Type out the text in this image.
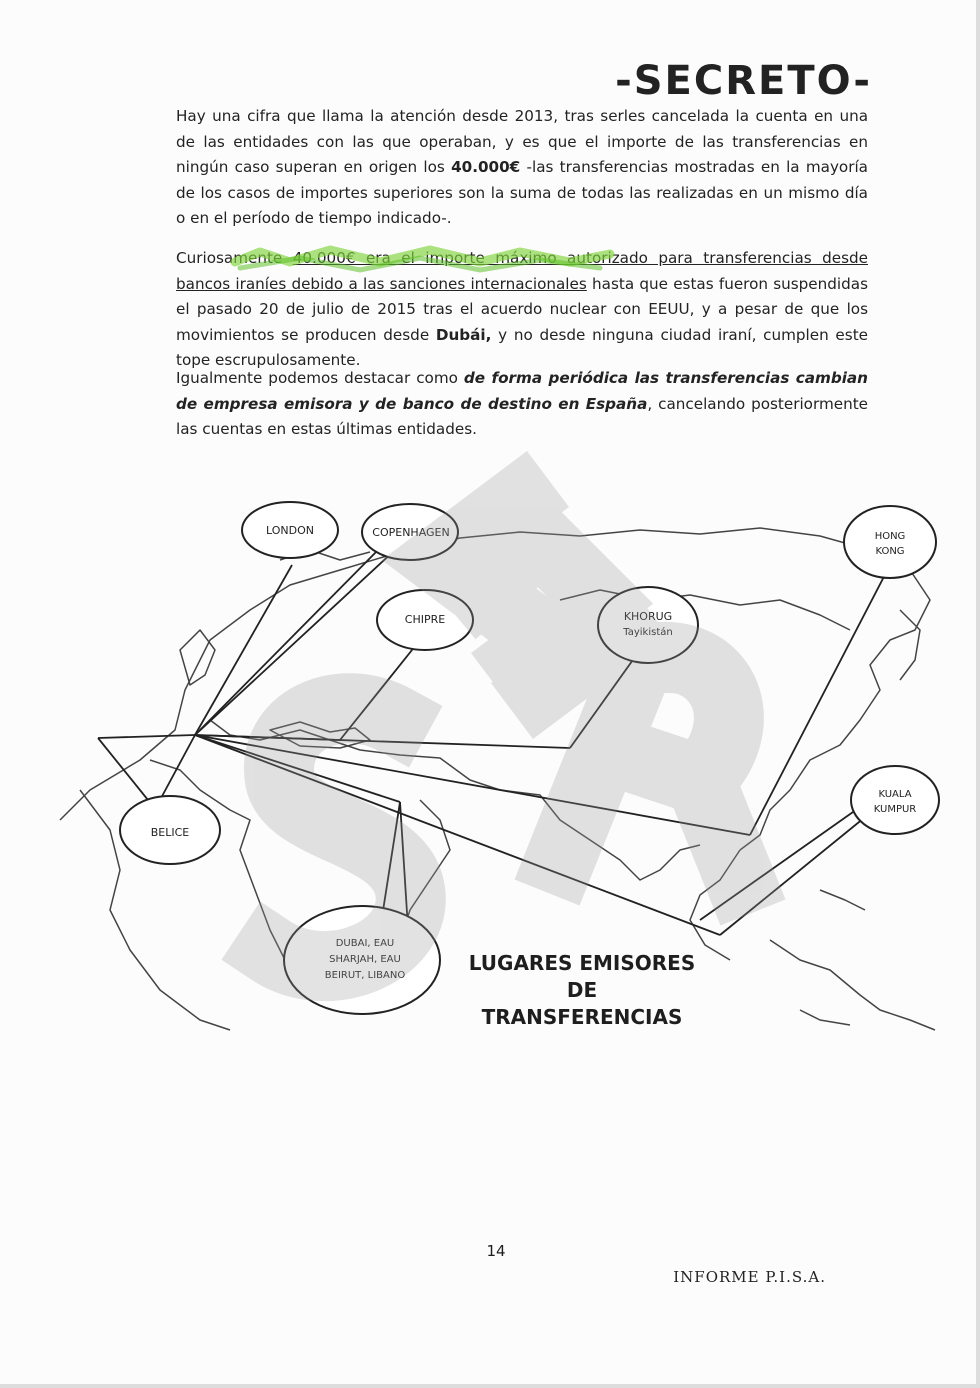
-SECRETO-
Hay una cifra que llama la atención desde 2013, tras serles cancelada la cuenta en una de las entidades con las que operaban, y es que el importe de las transferencias en ningún caso superan en origen los 40.000€ -las transferencias mostradas en la mayoría de los casos de importes superiores son la suma de todas las realizadas en un mismo día o en el período de tiempo indicado-.
Curiosamente 40.000€ era el importe máximo autorizado para transferencias desde bancos iraníes debido a las sanciones internacionales hasta que estas fueron suspendidas el pasado 20 de julio de 2015 tras el acuerdo nuclear con EEUU, y a pesar de que los movimientos se producen desde Dubái, y no desde ninguna ciudad iraní, cumplen este tope escrupulosamente.
Igualmente podemos destacar como de forma periódica las transferencias cambian de empresa emisora y de banco de destino en España, cancelando posteriormente las cuentas en estas últimas entidades.
LONDON	COPENHAGEN
CHIPRE	KHORUG
Tayikistán
HONG
KONG
KUALA
KUMPUR
BELICE
DUBAI, EAU
SHARJAH, EAU
BEIRUT, LIBANO
LUGARES EMISORES DE
TRANSFERENCIAS
14
INFORME P.I.S.A.
